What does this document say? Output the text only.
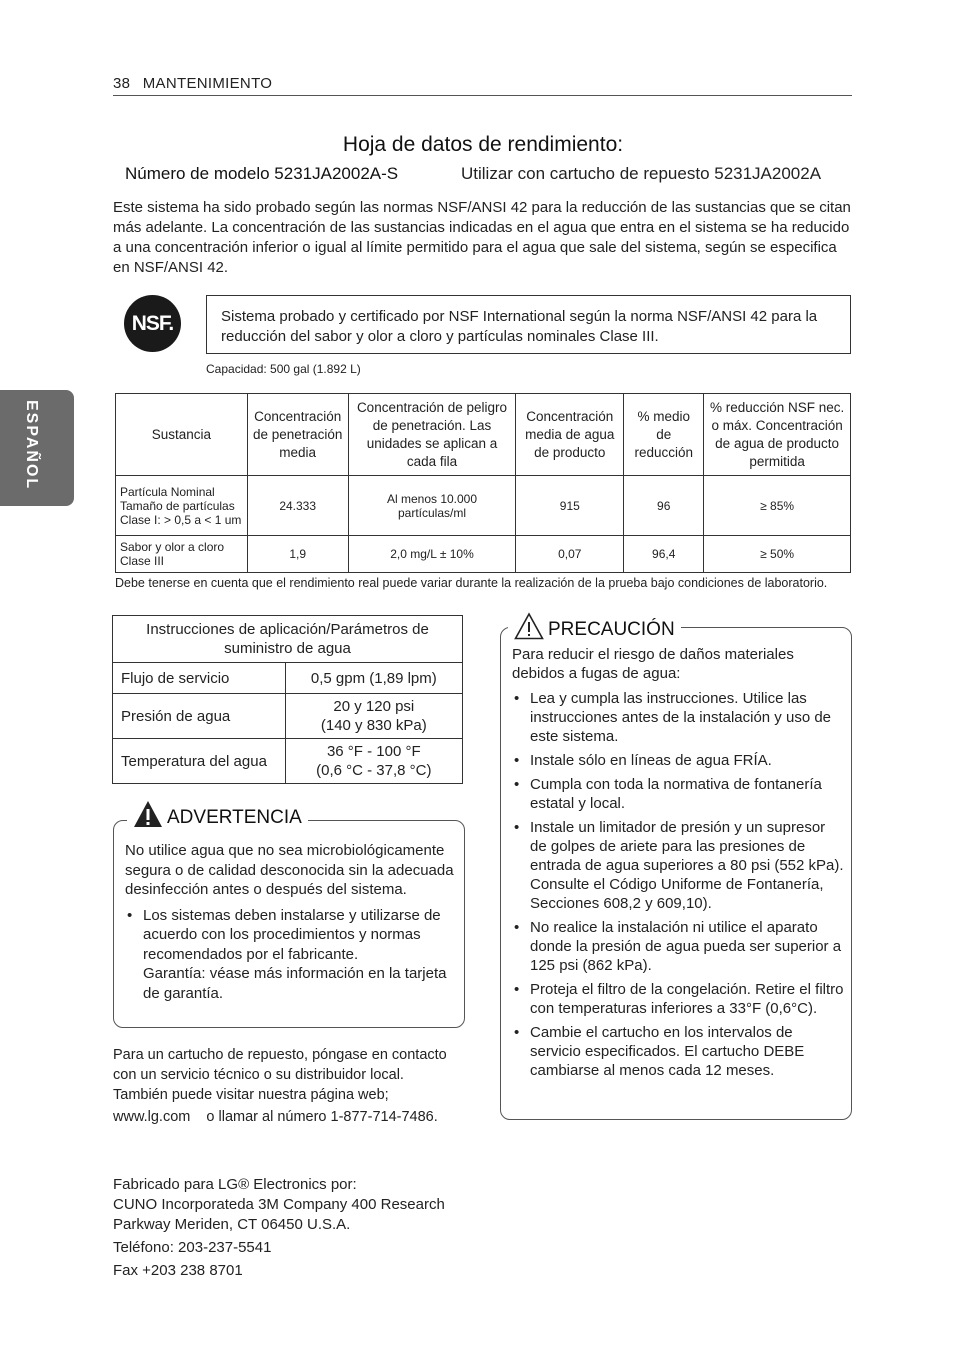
38 MANTENIMIENTO
ESPAÑOL
Hoja de datos de rendimiento:
Número de modelo 5231JA2002A-S	Utilizar con cartucho de repuesto 5231JA2002A
Este sistema ha sido probado según las normas NSF/ANSI 42 para la reducción de las sustancias que se citan más adelante. La concentración de las sustancias indicadas en el agua que entra en el sistema se ha reducido a una concentración inferior o igual al límite permitido para el agua que sale del sistema, según se especifica en NSF/ANSI 42.
NSF.	Sistema probado y certificado por NSF International según la norma NSF/ANSI 42 para la reducción del sabor y olor a cloro y partículas nominales Clase III.
Capacidad: 500 gal (1.892 L)
Sustancia	Concentración de penetración media	Concentración de peligro de penetración. Las unidades se aplican a cada fila	Concentración media de agua de producto	% medio de reducción	% reducción NSF nec. o máx. Concentración de agua de producto permitida
Partícula Nominal Tamaño de partículas Clase I: > 0,5 a < 1 um	24.333	Al menos 10.000 partículas/ml	915	96	≥ 85%
Sabor y olor a cloro Clase III	1,9	2,0 mg/L ± 10%	0,07	96,4	≥ 50%
Debe tenerse en cuenta que el rendimiento real puede variar durante la realización de la prueba bajo condiciones de laboratorio.
Instrucciones de aplicación/Parámetros de suministro de agua	
Flujo de servicio	0,5 gpm (1,89 lpm)
Presión de agua	20 y 120 psi
(140 y 830 kPa)

Temperatura del agua	36 °F - 100 °F
(0,6 °C - 37,8 °C)
ADVERTENCIA
No utilice agua que no sea microbiológicamente segura o de calidad desconocida sin la adecuada desinfección antes o después del sistema.
• Los sistemas deben instalarse y utilizarse de acuerdo con los procedimientos y normas recomendados por el fabricante.
Garantía: véase más información en la tarjeta de garantía.
PRECAUCIÓN
Para reducir el riesgo de daños materiales debidos a fugas de agua:
• Lea y cumpla las instrucciones. Utilice las instrucciones antes de la instalación y uso de este sistema.
• Instale sólo en líneas de agua FRÍA.
• Cumpla con toda la normativa de fontanería estatal y local.
• Instale un limitador de presión y un supresor de golpes de ariete para las presiones de entrada de agua superiores a 80 psi (552 kPa). Consulte el Código Uniforme de Fontanería, Secciones 608,2 y 609,10).
• No realice la instalación ni utilice el aparato donde la presión de agua pueda ser superior a 125 psi (862 kPa).
• Proteja el filtro de la congelación. Retire el filtro con temperaturas inferiores a 33°F (0,6°C).
• Cambie el cartucho en los intervalos de servicio especificados. El cartucho DEBE cambiarse al menos cada 12 meses.
Para un cartucho de repuesto, póngase en contacto con un servicio técnico o su distribuidor local.
También puede visitar nuestra página web;
www.lg.com o llamar al número 1-877-714-7486.
Fabricado para LG® Electronics por:
CUNO Incorporateda 3M Company 400 Research Parkway Meriden, CT 06450 U.S.A.
Teléfono: 203-237-5541
Fax +203 238 8701
